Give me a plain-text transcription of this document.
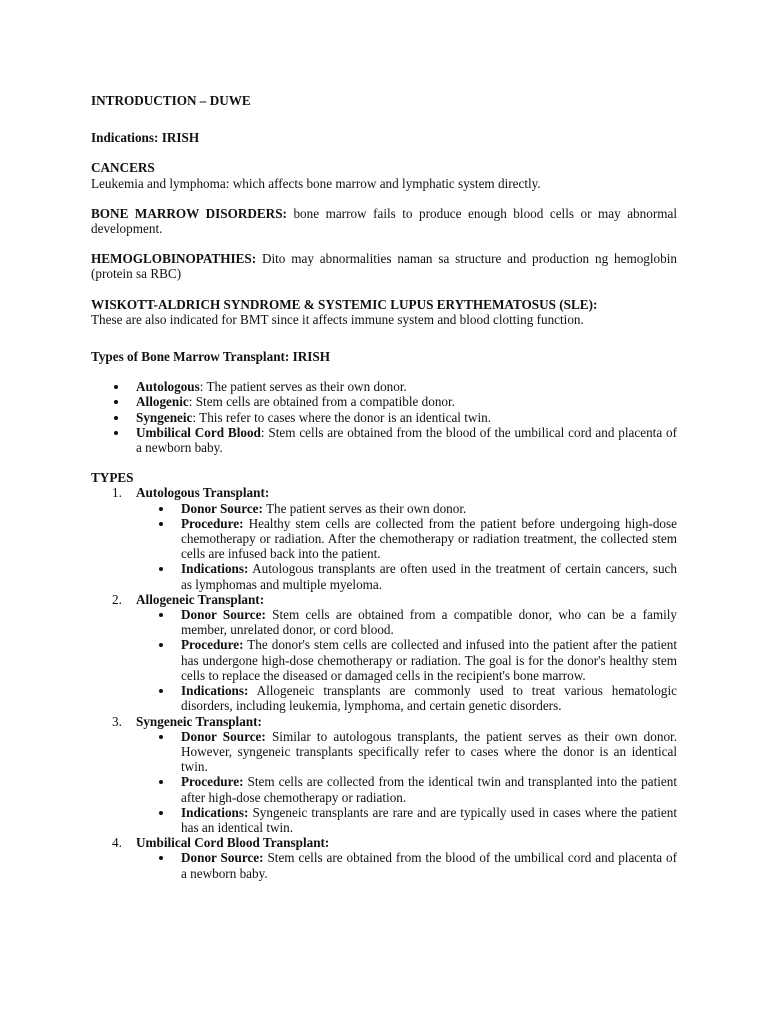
INTRODUCTION – DUWE

Indications: IRISH

CANCERS

Leukemia and lymphoma: which affects bone marrow and lymphatic system directly.

BONE MARROW DISORDERS: bone marrow fails to produce enough blood cells or may abnormal development.

HEMOGLOBINOPATHIES: Dito may abnormalities naman sa structure and production ng hemoglobin (protein sa RBC)

WISKOTT-ALDRICH SYNDROME & SYSTEMIC LUPUS ERYTHEMATOSUS (SLE):

These are also indicated for BMT since it affects immune system and blood clotting function.

Types of Bone Marrow Transplant: IRISH

Autologous: The patient serves as their own donor.
Allogenic: Stem cells are obtained from a compatible donor.
Syngeneic: This refer to cases where the donor is an identical twin.
Umbilical Cord Blood: Stem cells are obtained from the blood of the umbilical cord and placenta of a newborn baby.

TYPES

1. Autologous Transplant:
Donor Source: The patient serves as their own donor.
Procedure: Healthy stem cells are collected from the patient before undergoing high-dose chemotherapy or radiation. After the chemotherapy or radiation treatment, the collected stem cells are infused back into the patient.
Indications: Autologous transplants are often used in the treatment of certain cancers, such as lymphomas and multiple myeloma.
2. Allogeneic Transplant:
Donor Source: Stem cells are obtained from a compatible donor, who can be a family member, unrelated donor, or cord blood.
Procedure: The donor's stem cells are collected and infused into the patient after the patient has undergone high-dose chemotherapy or radiation. The goal is for the donor's healthy stem cells to replace the diseased or damaged cells in the recipient's bone marrow.
Indications: Allogeneic transplants are commonly used to treat various hematologic disorders, including leukemia, lymphoma, and certain genetic disorders.
3. Syngeneic Transplant:
Donor Source: Similar to autologous transplants, the patient serves as their own donor. However, syngeneic transplants specifically refer to cases where the donor is an identical twin.
Procedure: Stem cells are collected from the identical twin and transplanted into the patient after high-dose chemotherapy or radiation.
Indications: Syngeneic transplants are rare and are typically used in cases where the patient has an identical twin.
4. Umbilical Cord Blood Transplant:
Donor Source: Stem cells are obtained from the blood of the umbilical cord and placenta of a newborn baby.
